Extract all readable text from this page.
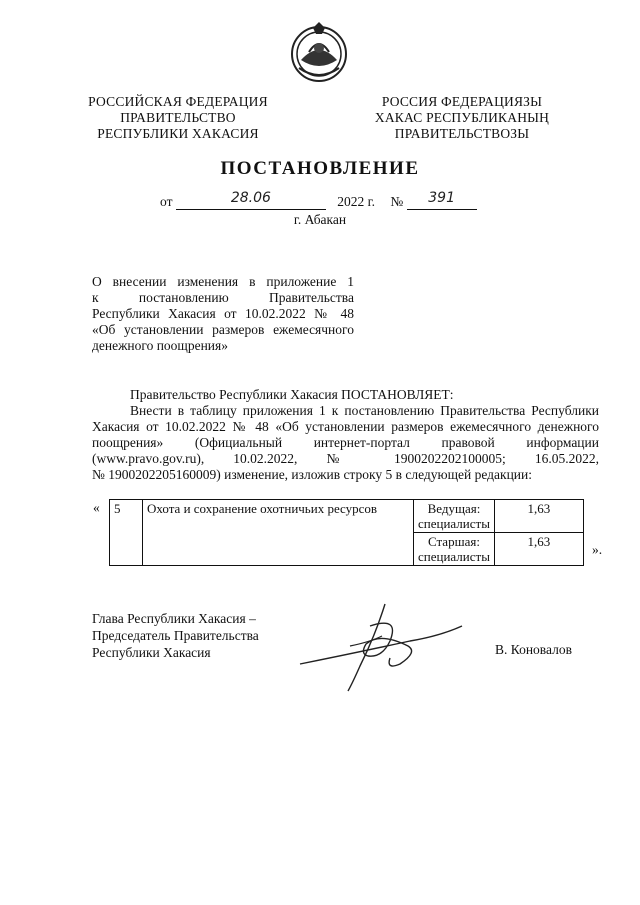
РОССИЙСКАЯ ФЕДЕРАЦИЯ
ПРАВИТЕЛЬСТВО
РЕСПУБЛИКИ ХАКАСИЯ
РОССИЯ ФЕДЕРАЦИЯЗЫ
ХАКАС РЕСПУБЛИКАНЫҢ
ПРАВИТЕЛЬСТВОЗЫ
ПОСТАНОВЛЕНИЕ
от	28.06	2022 г. №	391
г. Абакан
О внесении изменения в приложение 1
к постановлению Правительства
Республики Хакасия от 10.02.2022 № 48
«Об установлении размеров ежемесячного
денежного поощрения»
Правительство Республики Хакасия ПОСТАНОВЛЯЕТ:
Внести в таблицу приложения 1 к постановлению Правительства Республики
Хакасия от 10.02.2022 № 48 «Об установлении размеров ежемесячного денежного
поощрения» (Официальный интернет-портал правовой информации
(www.pravo.gov.ru), 10.02.2022, № 1900202202100005; 16.05.2022,
№ 1900202205160009) изменение, изложив строку 5 в следующей редакции:
« 5	Охота и сохранение охотничьих ресурсов	Ведущая: специалисты	1,63
		Старшая: специалисты	1,63
».
Глава Республики Хакасия –
Председатель Правительства
Республики Хакасия	В. Коновалов
